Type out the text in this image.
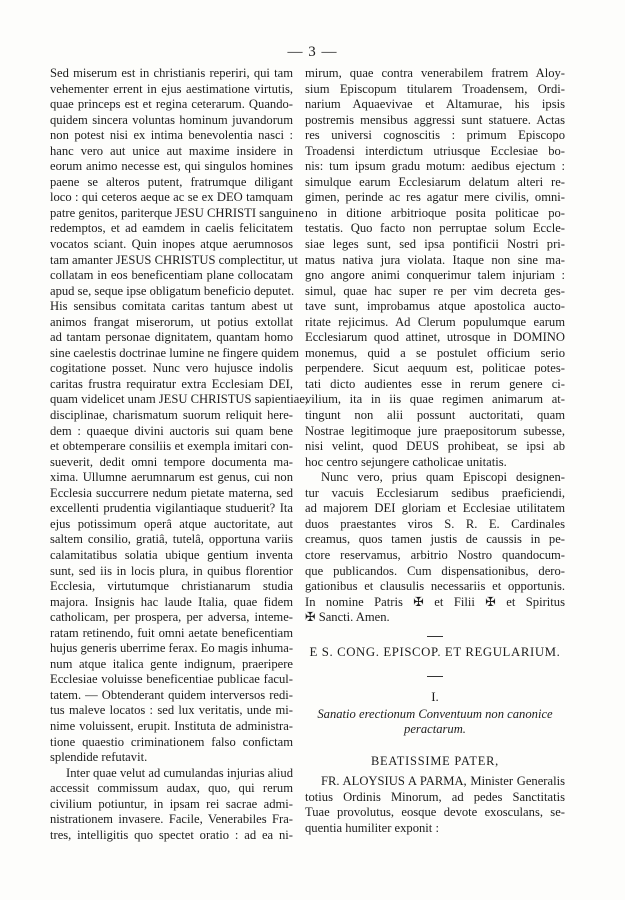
— 3 —
Sed miserum est in christianis reperiri, qui tam
vehementer errent in ejus aestimatione virtutis,
quae princeps est et regina ceterarum. Quando-
quidem sincera voluntas hominum juvandorum
non potest nisi ex intima benevolentia nasci :
hanc vero aut unice aut maxime insidere in
eorum animo necesse est, qui singulos homines
paene se alteros putent, fratrumque diligant
loco : qui ceteros aeque ac se ex DEO tamquam
patre genitos, pariterque JESU CHRISTI sanguine
redemptos, et ad eamdem in caelis felicitatem
vocatos sciant. Quin inopes atque aerumnosos
tam amanter JESUS CHRISTUS complectitur, ut
collatam in eos beneficentiam plane collocatam
apud se, seque ipse obligatum beneficio deputet.
His sensibus comitata caritas tantum abest ut
animos frangat miserorum, ut potius extollat
ad tantam personae dignitatem, quantam homo
sine caelestis doctrinae lumine ne fingere quidem
cogitatione posset. Nunc vero hujusce indolis
caritas frustra requiratur extra Ecclesiam DEI,
quam videlicet unam JESU CHRISTUS sapientiae,
disciplinae, charismatum suorum reliquit here-
dem : quaeque divini auctoris sui quam bene
et obtemperare consiliis et exempla imitari con-
sueverit, dedit omni tempore documenta ma-
xima. Ullumne aerumnarum est genus, cui non
Ecclesia succurrere nedum pietate materna, sed
excellenti prudentia vigilantiaque studuerit? Ita
ejus potissimum operâ atque auctoritate, aut
saltem consilio, gratiâ, tutelâ, opportuna variis
calamitatibus solatia ubique gentium inventa
sunt, sed iis in locis plura, in quibus florentior
Ecclesia, virtutumque christianarum studia
majora. Insignis hac laude Italia, quae fidem
catholicam, per prospera, per adversa, inteme-
ratam retinendo, fuit omni aetate beneficentiam
hujus generis uberrime ferax. Eo magis inhuma-
num atque italica gente indignum, praeripere
Ecclesiae voluisse beneficentiae publicae facul-
tatem. — Obtenderant quidem interversos redi-
tus maleve locatos : sed lux veritatis, unde mi-
nime voluissent, erupit. Instituta de administra-
tione quaestio criminationem falso confictam
splendide refutavit.
Inter quae velut ad cumulandas injurias aliud
accessit commissum audax, quo, qui rerum
civilium potiuntur, in ipsam rei sacrae admi-
nistrationem invasere. Facile, Venerabiles Fra-
tres, intelligitis quo spectet oratio : ad ea ni-
mirum, quae contra venerabilem fratrem Aloy-
sium Episcopum titularem Troadensem, Ordi-
narium Aquaevivae et Altamurae, his ipsis
postremis mensibus aggressi sunt statuere. Actas
res universi cognoscitis : primum Episcopo
Troadensi interdictum utriusque Ecclesiae bo-
nis: tum ipsum gradu motum: aedibus ejectum :
simulque earum Ecclesiarum delatum alteri re-
gimen, perinde ac res agatur mere civilis, omni-
no in ditione arbitrioque posita politicae po-
testatis. Quo facto non perruptae solum Eccle-
siae leges sunt, sed ipsa pontificii Nostri pri-
matus nativa jura violata. Itaque non sine ma-
gno angore animi conquerimur talem injuriam :
simul, quae hac super re per vim decreta ges-
tave sunt, improbamus atque apostolica aucto-
ritate rejicimus. Ad Clerum populumque earum
Ecclesiarum quod attinet, utrosque in DOMINO
monemus, quid a se postulet officium serio
perpendere. Sicut aequum est, politicae potes-
tati dicto audientes esse in rerum genere ci-
vilium, ita in iis quae regimen animarum at-
tingunt non alii possunt auctoritati, quam
Nostrae legitimoque jure praepositorum subesse,
nisi velint, quod DEUS prohibeat, se ipsi ab
hoc centro sejungere catholicae unitatis.
Nunc vero, prius quam Episcopi designen-
tur vacuis Ecclesiarum sedibus praeficiendi,
ad majorem DEI gloriam et Ecclesiae utilitatem
duos praestantes viros S. R. E. Cardinales
creamus, quos tamen justis de caussis in pe-
ctore reservamus, arbitrio Nostro quandocum-
que publicandos. Cum dispensationibus, dero-
gationibus et clausulis necessariis et opportunis.
In nomine Patris ✠ et Filii ✠ et Spiritus
✠ Sancti. Amen.
E S. CONG. EPISCOP. ET REGULARIUM.
I.
Sanatio erectionum Conventuum non canonice
peractarum.
BEATISSIME PATER,
FR. ALOYSIUS A PARMA, Minister Generalis
totius Ordinis Minorum, ad pedes Sanctitatis
Tuae provolutus, eosque devote exosculans, se-
quentia humiliter exponit :
